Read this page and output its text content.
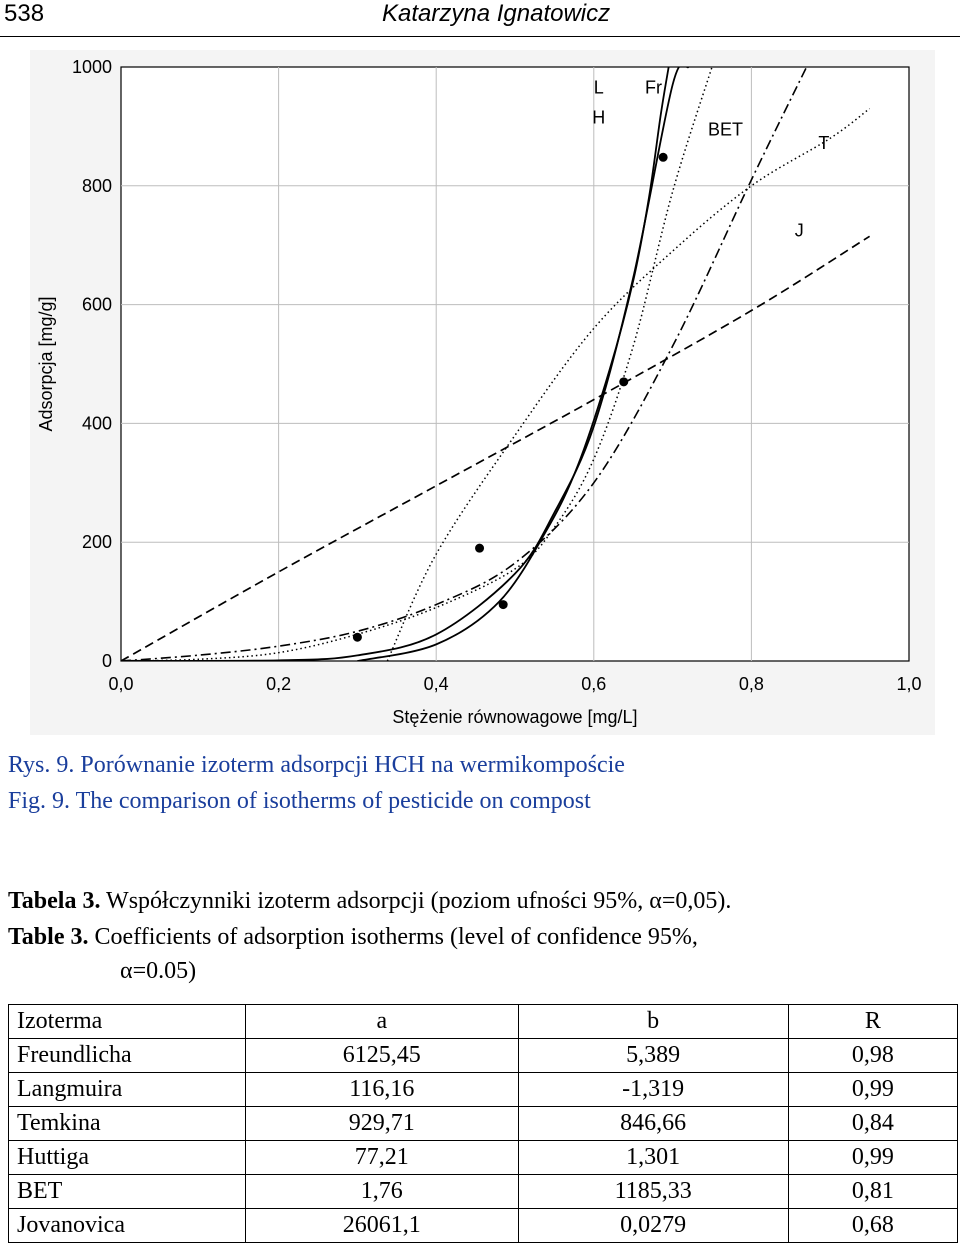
538	Katarzyna Ignatowicz
0,0	0,2	0,4	0,6	0,8	1,0
0
200
400
600
800
1000
Stężenie równowagowe [mg/L]
Adsorpcja [mg/g]
L Fr
H
BET
T
J
Rys. 9. Porównanie izoterm adsorpcji HCH na wermikompoście
Fig. 9. The comparison of isotherms of pesticide on compost
Tabela 3. Współczynniki izoterm adsorpcji (poziom ufności 95%, α=0,05).
Table 3. Coefficients of adsorption isotherms (level of confidence 95%,
α=0.05)
Izoterma	a	b	R
Freundlicha	6125,45	5,389	0,98
Langmuira	116,16	-1,319	0,99
Temkina	929,71	846,66	0,84
Huttiga	77,21	1,301	0,99
BET	1,76	1185,33	0,81
Jovanovica	26061,1	0,0279	0,68
